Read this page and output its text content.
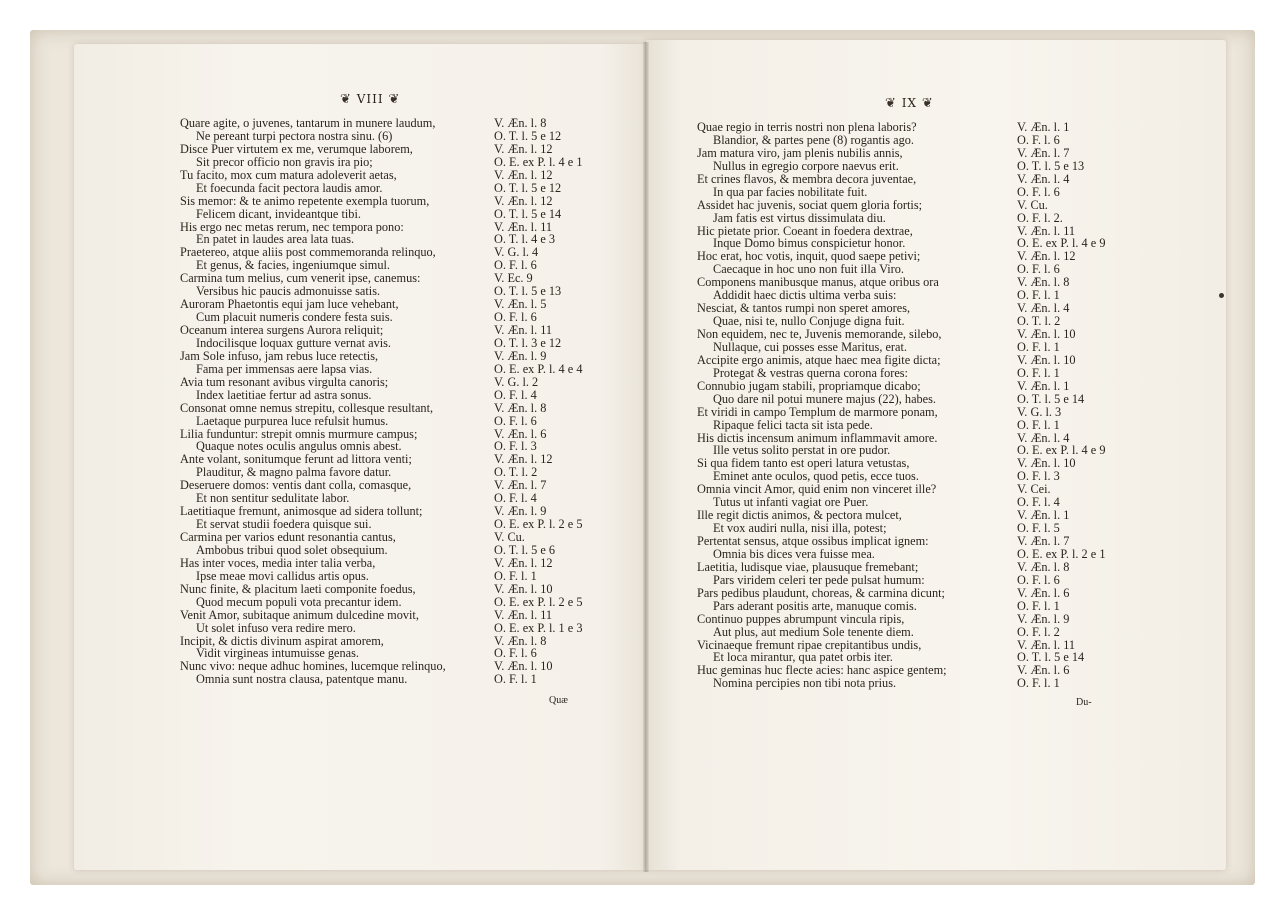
❦ VIII ❦	❦ IX ❦
Quare agite, o juvenes, tantarum in munere laudum,
Ne pereant turpi pectora nostra sinu. (6)
Disce Puer virtutem ex me, verumque laborem,
Sit precor officio non gravis ira pio;
Tu facito, mox cum matura adoleverit aetas,
Et foecunda facit pectora laudis amor.
Sis memor: & te animo repetente exempla tuorum,
Felicem dicant, invideantque tibi.
His ergo nec metas rerum, nec tempora pono:
En patet in laudes area lata tuas.
Praetereo, atque aliis post commemoranda relinquo,
Et genus, & facies, ingeniumque simul.
Carmina tum melius, cum venerit ipse, canemus:
Versibus hic paucis admonuisse satis.
Auroram Phaetontis equi jam luce vehebant,
Cum placuit numeris condere festa suis.
Oceanum interea surgens Aurora reliquit;
Indocilisque loquax gutture vernat avis.
Jam Sole infuso, jam rebus luce retectis,
Fama per immensas aere lapsa vias.
Avia tum resonant avibus virgulta canoris;
Index laetitiae fertur ad astra sonus.
Consonat omne nemus strepitu, collesque resultant,
Laetaque purpurea luce refulsit humus.
Lilia funduntur: strepit omnis murmure campus;
Quaque notes oculis angulus omnis abest.
Ante volant, sonitumque ferunt ad littora venti;
Plauditur, & magno palma favore datur.
Deseruere domos: ventis dant colla, comasque,
Et non sentitur sedulitate labor.
Laetitiaque fremunt, animosque ad sidera tollunt;
Et servat studii foedera quisque sui.
Carmina per varios edunt resonantia cantus,
Ambobus tribui quod solet obsequium.
Has inter voces, media inter talia verba,
Ipse meae movi callidus artis opus.
Nunc finite, & placitum laeti componite foedus,
Quod mecum populi vota precantur idem.
Venit Amor, subitaque animum dulcedine movit,
Ut solet infuso vera redire mero.
Incipit, & dictis divinum aspirat amorem,
Vidit virgineas intumuisse genas.
Nunc vivo: neque adhuc homines, lucemque relinquo,
Omnia sunt nostra clausa, patentque manu.
V. Æn. l. 8
O. T. l. 5 e 12
V. Æn. l. 12
O. E. ex P. l. 4 e 1
V. Æn. l. 12
O. T. l. 5 e 12
V. Æn. l. 12
O. T. l. 5 e 14
V. Æn. l. 11
O. T. l. 4 e 3
V. G. l. 4
O. F. l. 6
V. Ec. 9
O. T. l. 5 e 13
V. Æn. l. 5
O. F. l. 6
V. Æn. l. 11
O. T. l. 3 e 12
V. Æn. l. 9
O. E. ex P. l. 4 e 4
V. G. l. 2
O. F. l. 4
V. Æn. l. 8
O. F. l. 6
V. Æn. l. 6
O. F. l. 3
V. Æn. l. 12
O. T. l. 2
V. Æn. l. 7
O. F. l. 4
V. Æn. l. 9
O. E. ex P. l. 2 e 5
V. Cu.
O. T. l. 5 e 6
V. Æn. l. 12
O. F. l. 1
V. Æn. l. 10
O. E. ex P. l. 2 e 5
V. Æn. l. 11
O. E. ex P. l. 1 e 3
V. Æn. l. 8
O. F. l. 6
V. Æn. l. 10
O. F. l. 1
Quae regio in terris nostri non plena laboris?
Blandior, & partes pene (8) rogantis ago.
Jam matura viro, jam plenis nubilis annis,
Nullus in egregio corpore naevus erit.
Et crines flavos, & membra decora juventae,
In qua par facies nobilitate fuit.
Assidet hac juvenis, sociat quem gloria fortis;
Jam fatis est virtus dissimulata diu.
Hic pietate prior. Coeant in foedera dextrae,
Inque Domo bimus conspicietur honor.
Hoc erat, hoc votis, inquit, quod saepe petivi;
Caecaque in hoc uno non fuit illa Viro.
Componens manibusque manus, atque oribus ora
Addidit haec dictis ultima verba suis:
Nesciat, & tantos rumpi non speret amores,
Quae, nisi te, nullo Conjuge digna fuit.
Non equidem, nec te, Juvenis memorande, silebo,
Nullaque, cui posses esse Maritus, erat.
Accipite ergo animis, atque haec mea figite dicta;
Protegat & vestras querna corona fores:
Connubio jugam stabili, propriamque dicabo;
Quo dare nil potui munere majus (22), habes.
Et viridi in campo Templum de marmore ponam,
Ripaque felici tacta sit ista pede.
His dictis incensum animum inflammavit amore.
Ille vetus solito perstat in ore pudor.
Si qua fidem tanto est operi latura vetustas,
Eminet ante oculos, quod petis, ecce tuos.
Omnia vincit Amor, quid enim non vinceret ille?
Tutus ut infanti vagiat ore Puer.
Ille regit dictis animos, & pectora mulcet,
Et vox audiri nulla, nisi illa, potest;
Pertentat sensus, atque ossibus implicat ignem:
Omnia bis dices vera fuisse mea.
Laetitia, ludisque viae, plausuque fremebant;
Pars viridem celeri ter pede pulsat humum:
Pars pedibus plaudunt, choreas, & carmina dicunt;
Pars aderant positis arte, manuque comis.
Continuo puppes abrumpunt vincula ripis,
Aut plus, aut medium Sole tenente diem.
Vicinaeque fremunt ripae crepitantibus undis,
Et loca mirantur, qua patet orbis iter.
Huc geminas huc flecte acies: hanc aspice gentem;
Nomina percipies non tibi nota prius.
V. Æn. l. 1
O. F. l. 6
V. Æn. l. 7
O. T. l. 5 e 13
V. Æn. l. 4
O. F. l. 6
V. Cu.
O. F. l. 2.
V. Æn. l. 11
O. E. ex P. l. 4 e 9
V. Æn. l. 12
O. F. l. 6
V. Æn. l. 8
O. F. l. 1
V. Æn. l. 4
O. T. l. 2
V. Æn. l. 10
O. F. l. 1
V. Æn. l. 10
O. F. l. 1
V. Æn. l. 1
O. T. l. 5 e 14
V. G. l. 3
O. F. l. 1
V. Æn. l. 4
O. E. ex P. l. 4 e 9
V. Æn. l. 10
O. F. l. 3
V. Cei.
O. F. l. 4
V. Æn. l. 1
O. F. l. 5
V. Æn. l. 7
O. E. ex P. l. 2 e 1
V. Æn. l. 8
O. F. l. 6
V. Æn. l. 6
O. F. l. 1
V. Æn. l. 9
O. F. l. 2
V. Æn. l. 11
O. T. l. 5 e 14
V. Æn. l. 6
O. F. l. 1
Quæ	Du-
